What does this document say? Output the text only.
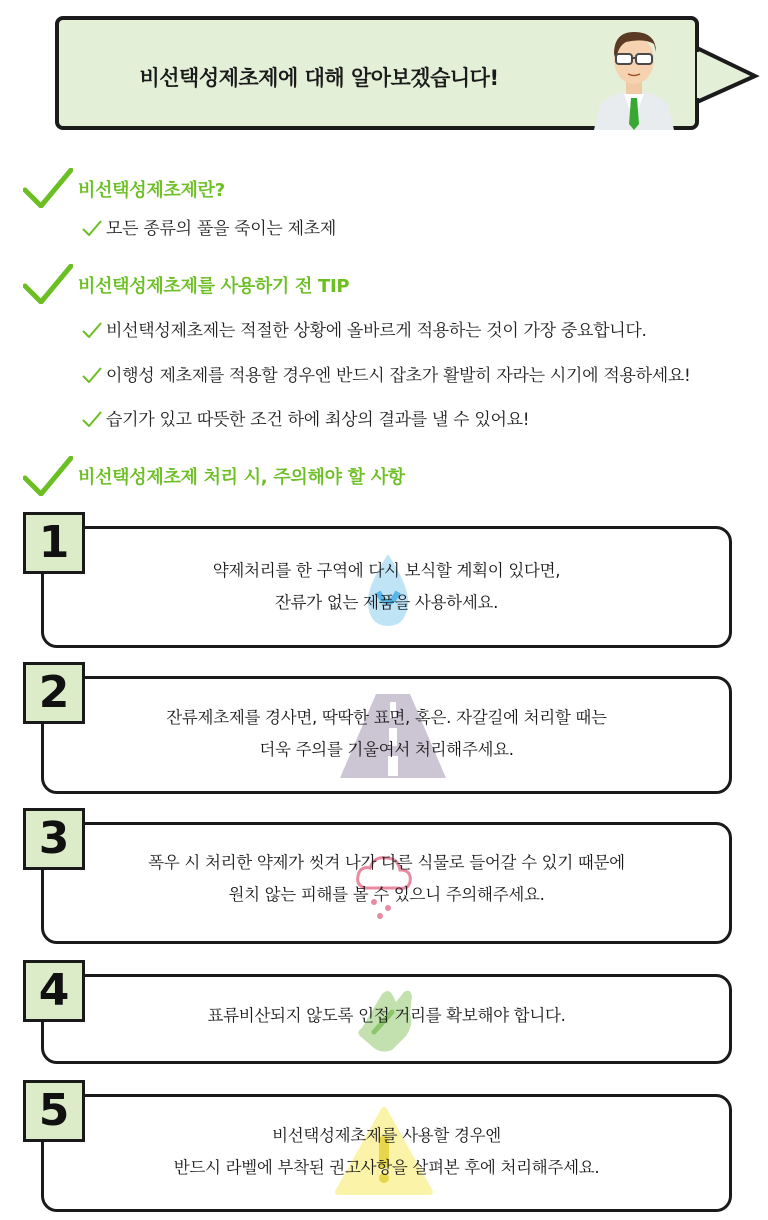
비선택성제초제에 대해 알아보겠습니다!
비선택성제초제란?
모든 종류의 풀을 죽이는 제초제
비선택성제초제를 사용하기 전 TIP
비선택성제초제는 적절한 상황에 올바르게 적용하는 것이 가장 중요합니다.
이행성 제초제를 적용할 경우엔 반드시 잡초가 활발히 자라는 시기에 적용하세요!
습기가 있고 따뜻한 조건 하에 최상의 결과를 낼 수 있어요!
비선택성제초제 처리 시, 주의해야 할 사항
1
약제처리를 한 구역에 다시 보식할 계획이 있다면,
잔류가 없는 제품을 사용하세요.
2	잔류제초제를 경사면, 딱딱한 표면, 혹은. 자갈길에 처리할 때는
더욱 주의를 기울여서 처리해주세요.
3	폭우 시 처리한 약제가 씻겨 나가 다른 식물로 들어갈 수 있기 때문에
원치 않는 피해를 볼 수 있으니 주의해주세요.
4	표류비산되지 않도록 인접 거리를 확보해야 합니다.
5	비선택성제초제를 사용할 경우엔
반드시 라벨에 부착된 권고사항을 살펴본 후에 처리해주세요.
